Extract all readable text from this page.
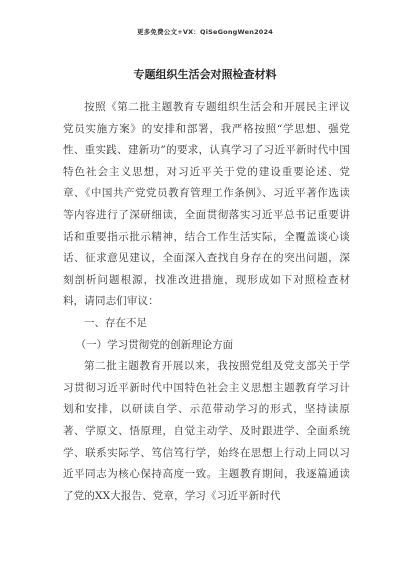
更多免费公文+VX：QiSeGongWen2024
专题组织生活会对照检查材料

按照《第二批主题教育专题组织生活会和开展民主评议党员实施方案》的安排和部署，我严格按照“学思想、强党性、重实践、建新功”的要求，认真学习了习近平新时代中国特色社会主义思想，对习近平关于党的建设重要论述、党章、《中国共产党党员教育管理工作条例》、习近平著作选读等内容进行了深研细读，全面贯彻落实习近平总书记重要讲话和重要指示批示精神，结合工作生活实际，全覆盖谈心谈话、征求意见建议，全面深入查找自身存在的突出问题，深刻剖析问题根源，找准改进措施，现形成如下对照检查材料，请同志们审议：

一、存在不足

（一）学习贯彻党的创新理论方面

第二批主题教育开展以来，我按照党组及党支部关于学习贯彻习近平新时代中国特色社会主义思想主题教育学习计划和安排，以研读自学、示范带动学习的形式，坚持读原著、学原文、悟原理，自觉主动学、及时跟进学、全面系统学、联系实际学、笃信笃行学，始终在思想上行动上同以习近平同志为核心保持高度一致。主题教育期间，我逐篇通读了党的XX大报告、党章，学习《习近平新时代
